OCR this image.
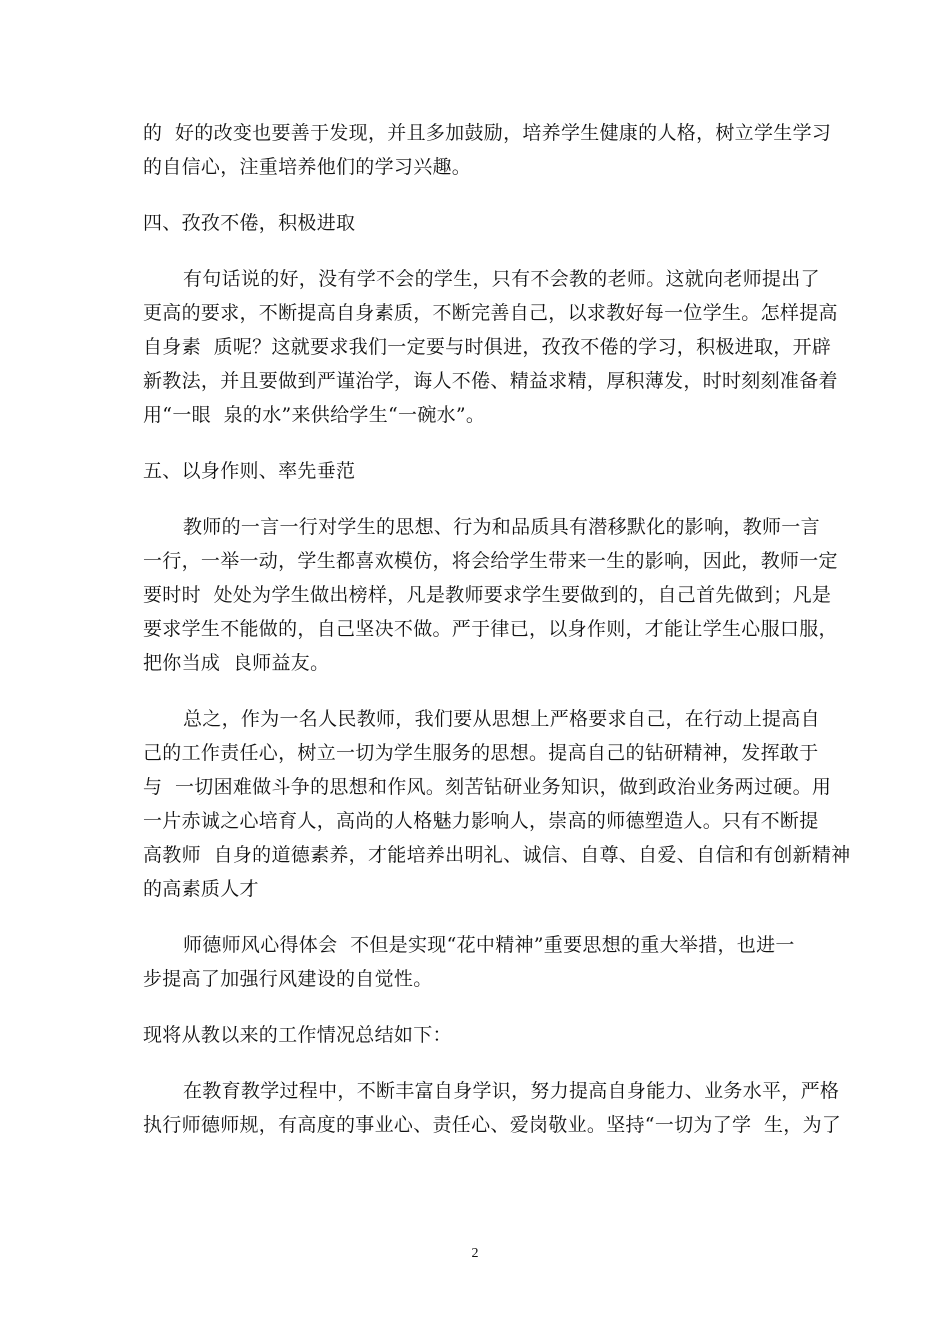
的  好的改变也要善于发现，并且多加鼓励，培养学生健康的人格，树立学生学习
的自信心，注重培养他们的学习兴趣。
四、孜孜不倦，积极进取
有句话说的好，没有学不会的学生，只有不会教的老师。这就向老师提出了
更高的要求，不断提高自身素质，不断完善自己，以求教好每一位学生。怎样提高
自身素  质呢？这就要求我们一定要与时俱进，孜孜不倦的学习，积极进取，开辟
新教法，并且要做到严谨治学，诲人不倦、精益求精，厚积薄发，时时刻刻准备着
用“一眼  泉的水”来供给学生“一碗水”。
五、以身作则、率先垂范
教师的一言一行对学生的思想、行为和品质具有潜移默化的影响，教师一言
一行，一举一动，学生都喜欢模仿，将会给学生带来一生的影响，因此，教师一定
要时时  处处为学生做出榜样，凡是教师要求学生要做到的，自己首先做到；凡是
要求学生不能做的，自己坚决不做。严于律已，以身作则，才能让学生心服口服，
把你当成  良师益友。
总之，作为一名人民教师，我们要从思想上严格要求自己，在行动上提高自
己的工作责任心，树立一切为学生服务的思想。提高自己的钻研精神，发挥敢于
与  一切困难做斗争的思想和作风。刻苦钻研业务知识，做到政治业务两过硬。用
一片赤诚之心培育人，高尚的人格魅力影响人，崇高的师德塑造人。只有不断提
高教师  自身的道德素养，才能培养出明礼、诚信、自尊、自爱、自信和有创新精神
的高素质人才
师德师风心得体会  不但是实现“花中精神”重要思想的重大举措，也进一
步提高了加强行风建设的自觉性。
现将从教以来的工作情况总结如下：
在教育教学过程中，不断丰富自身学识，努力提高自身能力、业务水平，严格
执行师德师规，有高度的事业心、责任心、爱岗敬业。坚持“一切为了学  生，为了
2
